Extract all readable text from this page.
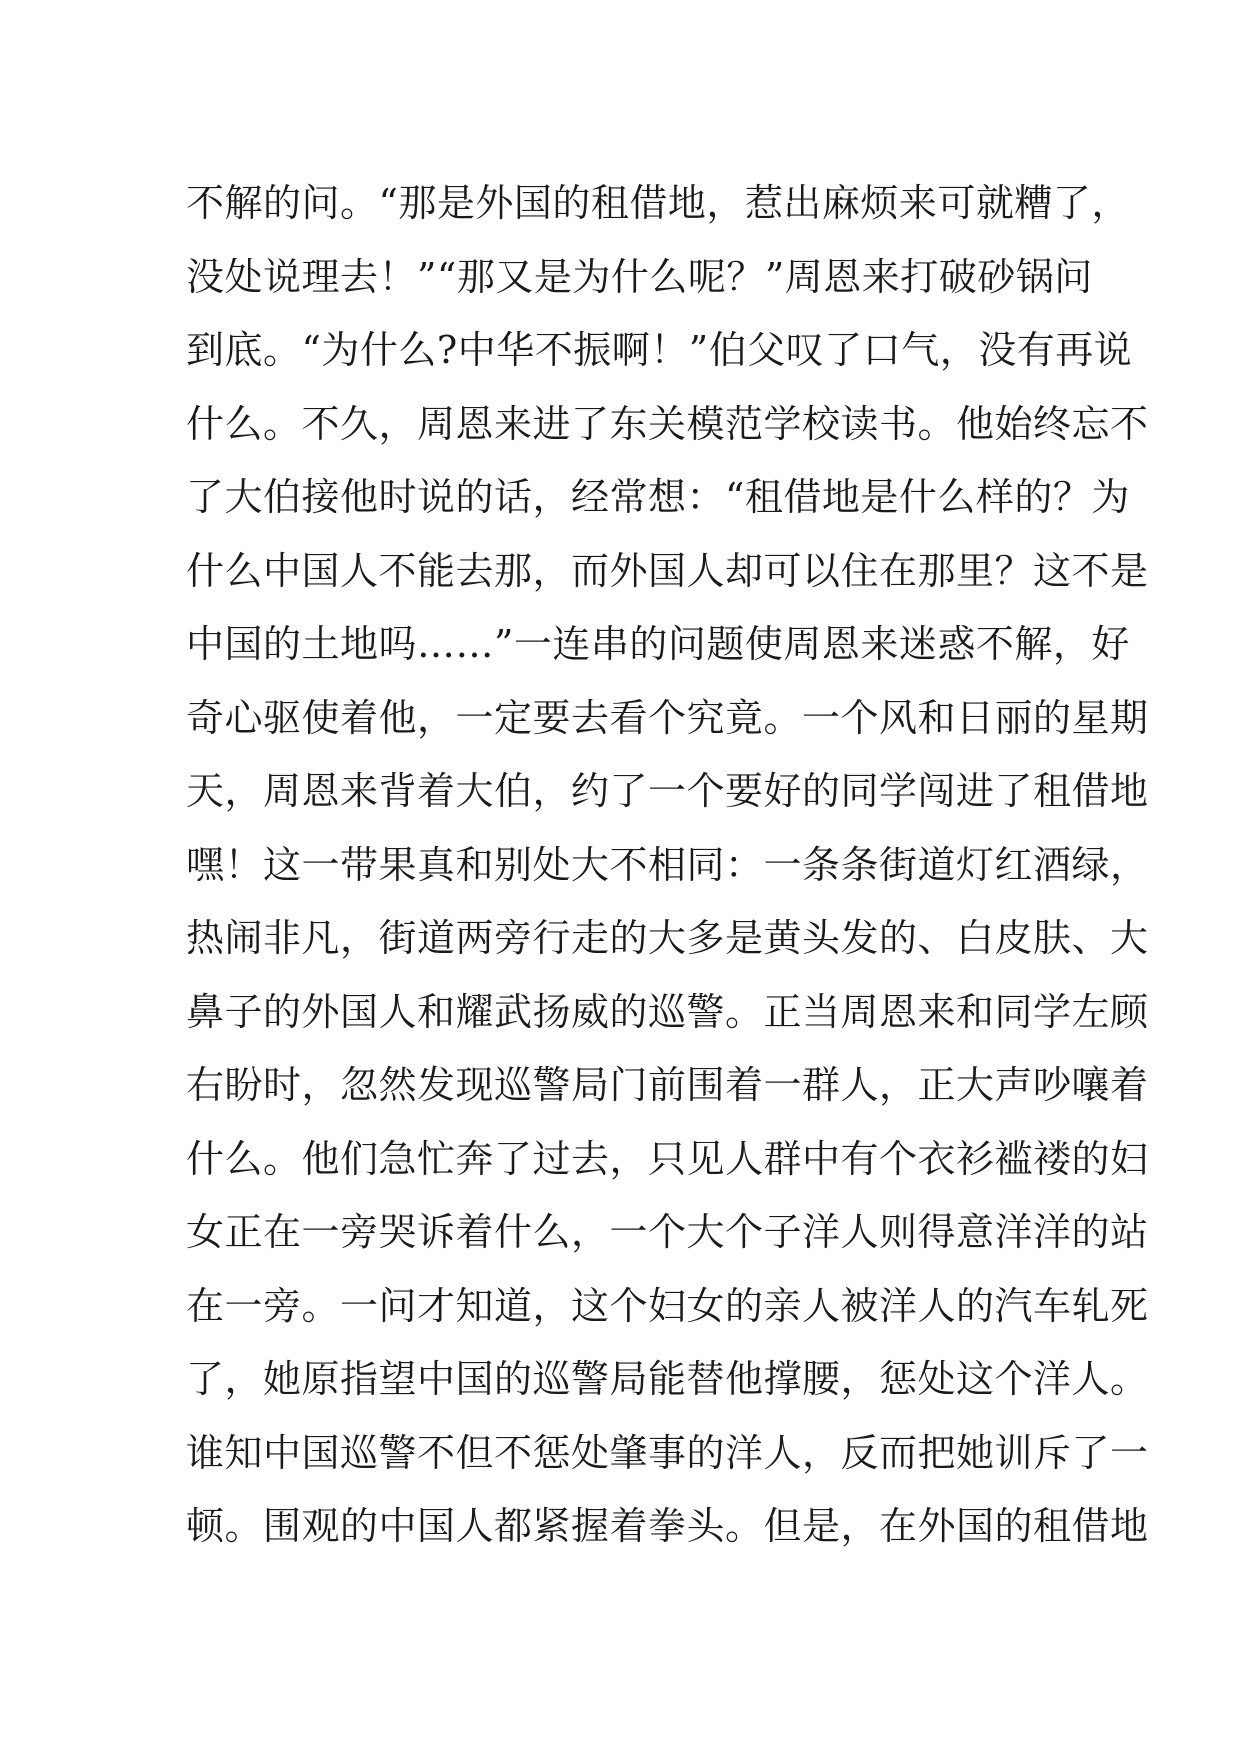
不解的问。“那是外国的租借地，惹出麻烦来可就糟了，
没处说理去！”“那又是为什么呢？”周恩来打破砂锅问
到底。“为什么?中华不振啊！”伯父叹了口气，没有再说
什么。不久，周恩来进了东关模范学校读书。他始终忘不
了大伯接他时说的话，经常想：“租借地是什么样的？为
什么中国人不能去那，而外国人却可以住在那里？这不是
中国的土地吗……”一连串的问题使周恩来迷惑不解，好
奇心驱使着他，一定要去看个究竟。一个风和日丽的星期
天，周恩来背着大伯，约了一个要好的同学闯进了租借地
嘿！这一带果真和别处大不相同：一条条街道灯红酒绿，
热闹非凡，街道两旁行走的大多是黄头发的、白皮肤、大
鼻子的外国人和耀武扬威的巡警。正当周恩来和同学左顾
右盼时，忽然发现巡警局门前围着一群人，正大声吵嚷着
什么。他们急忙奔了过去，只见人群中有个衣衫褴褛的妇
女正在一旁哭诉着什么，一个大个子洋人则得意洋洋的站
在一旁。一问才知道，这个妇女的亲人被洋人的汽车轧死
了，她原指望中国的巡警局能替他撑腰，惩处这个洋人。
谁知中国巡警不但不惩处肇事的洋人，反而把她训斥了一
顿。围观的中国人都紧握着拳头。但是，在外国的租借地
